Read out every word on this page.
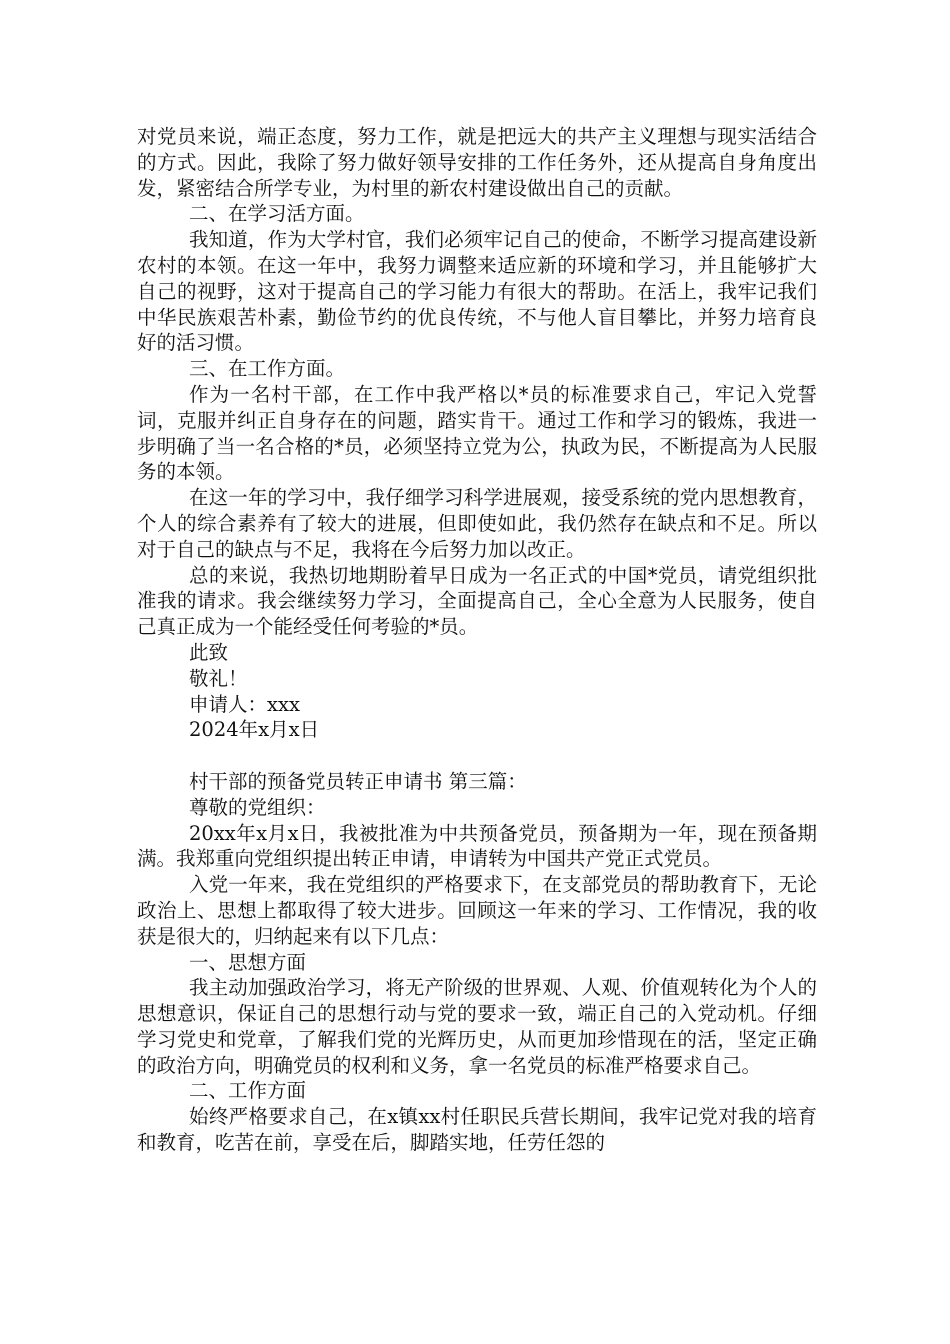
对党员来说，端正态度，努力工作，就是把远大的共产主义理想与现实活结合的方式。因此，我除了努力做好领导安排的工作任务外，还从提高自身角度出发，紧密结合所学专业，为村里的新农村建设做出自己的贡献。

二、在学习活方面。

我知道，作为大学村官，我们必须牢记自己的使命，不断学习提高建设新农村的本领。在这一年中，我努力调整来适应新的环境和学习，并且能够扩大自己的视野，这对于提高自己的学习能力有很大的帮助。在活上，我牢记我们中华民族艰苦朴素，勤俭节约的优良传统，不与他人盲目攀比，并努力培育良好的活习惯。

三、在工作方面。

作为一名村干部，在工作中我严格以*员的标准要求自己，牢记入党誓词，克服并纠正自身存在的问题，踏实肯干。通过工作和学习的锻炼，我进一步明确了当一名合格的*员，必须坚持立党为公，执政为民，不断提高为人民服务的本领。

在这一年的学习中，我仔细学习科学进展观，接受系统的党内思想教育，个人的综合素养有了较大的进展，但即使如此，我仍然存在缺点和不足。所以对于自己的缺点与不足，我将在今后努力加以改正。

总的来说，我热切地期盼着早日成为一名正式的中国*党员，请党组织批准我的请求。我会继续努力学习，全面提高自己，全心全意为人民服务，使自己真正成为一个能经受任何考验的*员。

此致

敬礼！

申请人：xxx

2024年x月x日

村干部的预备党员转正申请书 第三篇：

尊敬的党组织：

20xx年x月x日，我被批准为中共预备党员，预备期为一年，现在预备期满。我郑重向党组织提出转正申请，申请转为中国共产党正式党员。

入党一年来，我在党组织的严格要求下，在支部党员的帮助教育下，无论政治上、思想上都取得了较大进步。回顾这一年来的学习、工作情况，我的收获是很大的，归纳起来有以下几点：

一、思想方面

我主动加强政治学习，将无产阶级的世界观、人观、价值观转化为个人的思想意识，保证自己的思想行动与党的要求一致，端正自己的入党动机。仔细学习党史和党章，了解我们党的光辉历史，从而更加珍惜现在的活，坚定正确的政治方向，明确党员的权利和义务，拿一名党员的标准严格要求自己。

二、工作方面

始终严格要求自己，在x镇xx村任职民兵营长期间，我牢记党对我的培育和教育，吃苦在前，享受在后，脚踏实地，任劳任怨的
